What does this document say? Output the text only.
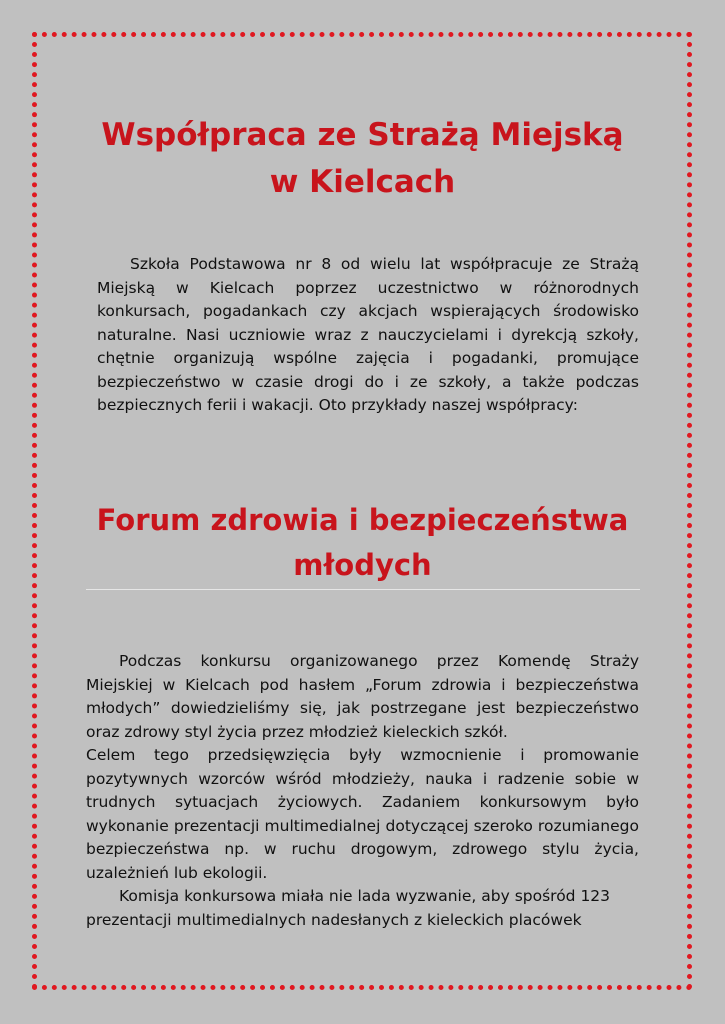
Współpraca ze Strażą Miejską
w Kielcach

Szkoła Podstawowa nr 8 od wielu lat współpracuje ze Strażą Miejską w Kielcach poprzez uczestnictwo w różnorodnych konkursach, pogadankach czy akcjach wspierających środowisko naturalne. Nasi uczniowie wraz z nauczycielami i dyrekcją szkoły, chętnie organizują wspólne zajęcia i pogadanki, promujące bezpieczeństwo w czasie drogi do i ze szkoły, a także podczas bezpiecznych ferii i wakacji. Oto przykłady naszej współpracy:

Forum zdrowia i bezpieczeństwa
młodych
Podczas konkursu organizowanego przez Komendę Straży Miejskiej w Kielcach pod hasłem „Forum zdrowia i bezpieczeństwa młodych” dowiedzieliśmy się, jak postrzegane jest bezpieczeństwo oraz zdrowy styl życia przez młodzież kieleckich szkół.
Celem tego przedsięwzięcia były wzmocnienie i promowanie pozytywnych wzorców wśród młodzieży, nauka i radzenie sobie w trudnych sytuacjach życiowych. Zadaniem konkursowym było wykonanie prezentacji multimedialnej dotyczącej szeroko rozumianego bezpieczeństwa np. w ruchu drogowym, zdrowego stylu życia, uzależnień lub ekologii.
Komisja konkursowa miała nie lada wyzwanie, aby spośród 123 prezentacji multimedialnych nadesłanych z kieleckich placówek
